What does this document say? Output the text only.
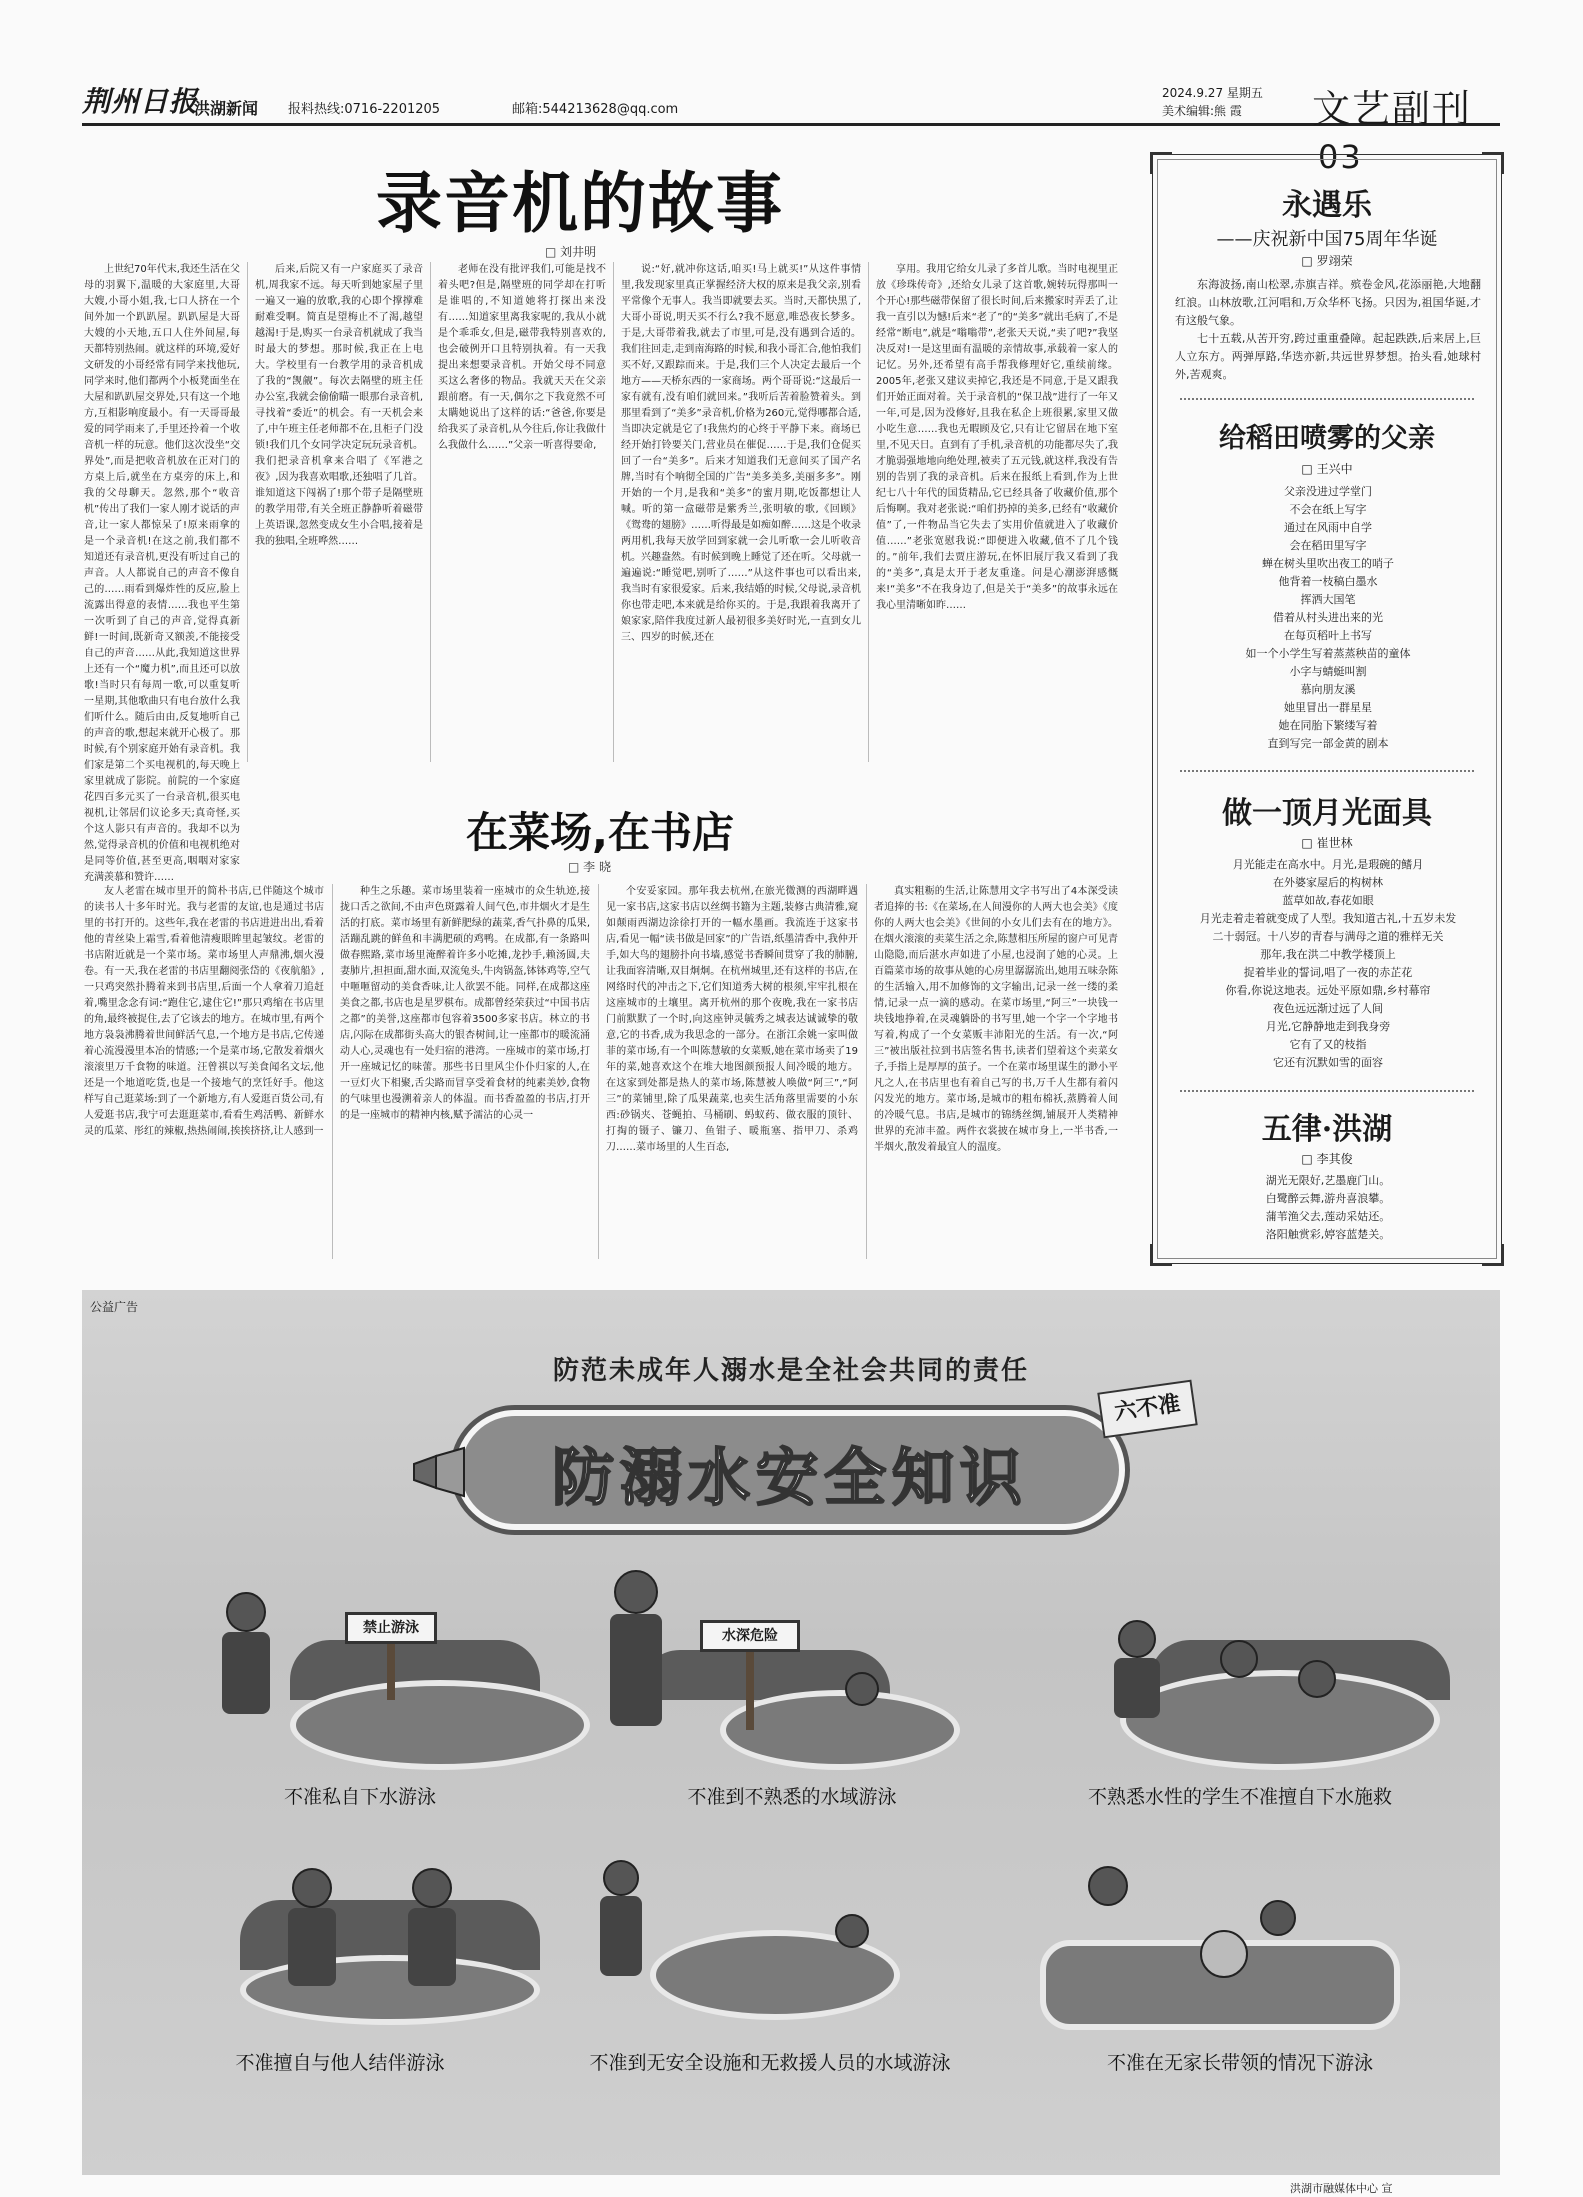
荆州日报
洪湖新闻 报料热线:0716-2201205	邮箱:544213628@qq.com
2024.9.27 星期五
美术编辑:熊 霞	文艺副刊03
录音机的故事
□ 刘井明
上世纪70年代末,我还生活在父母的羽翼下,温暖的大家庭里,大哥大嫂,小哥小姐,我,七口人挤在一个间外加一个趴趴屋。趴趴屋是大哥大嫂的小天地,五口人住外间屋,每天都特别热闹。就这样的环境,爱好文研发的小哥经常有同学来找他玩,同学来时,他们都两个小板凳面坐在大屋和趴趴屋交界处,只有这一个地方,互相影响度最小。有一天哥哥最爱的同学雨来了,手里还拎着一个收音机一样的玩意。他们这次没坐“交界处”,而是把收音机放在正对门的方桌上后,就坐在方桌旁的床上,和我的父母聊天。忽然,那个“收音机”传出了我们一家人刚才说话的声音,让一家人都惊呆了!原来雨拿的是一个录音机!在这之前,我们都不知道还有录音机,更没有听过自己的声音。人人都说自己的声音不像自己的……雨看到爆炸性的反应,脸上流露出得意的表情……我也平生第一次听到了自己的声音,觉得真新鲜!一时间,既新奇又额羡,不能接受自己的声音……从此,我知道这世界上还有一个“魔力机”,而且还可以放歌!当时只有每周一歌,可以重复听一星期,其他歌曲只有电台放什么我们听什么。随后由由,反复地听自己的声音的歌,想起来就开心极了。那时候,有个别家庭开始有录音机。我们家是第二个买电视机的,每天晚上家里就成了影院。前院的一个家庭花四百多元买了一台录音机,很买电视机,让邻居们议论多天;真奇怪,买个这人影只有声音的。我却不以为然,觉得录音机的价值和电视机绝对是同等价值,甚至更高,咽咽对家家充满羡慕和赞许……
后来,后院又有一户家庭买了录音机,周我家不远。每天听到她家屋子里一遍又一遍的放歌,我的心即个撑撑难耐难受啊。简直是望梅止不了渴,越望越渴!于是,购买一台录音机就成了我当时最大的梦想。那时候,我正在上电大。学校里有一台教学用的录音机成了我的“觊觎”。每次去隔壁的班主任办公室,我就会偷偷瞄一眼那台录音机,寻找着“委近”的机会。有一天机会来了,中午班主任老师都不在,且柜子门没锁!我们几个女同学决定玩玩录音机。我们把录音机拿来合唱了《军港之夜》,因为我喜欢唱歌,还独唱了几首。谁知道这下闯祸了!那个带子是隔壁班的教学用带,有关全班正静静听着磁带上英语课,忽然变成女生小合唱,接着是我的独唱,全班哗然……
老师在没有批评我们,可能是找不着头吧?但是,隔壁班的同学却在打听是谁唱的,不知道她将打探出来没有……知道家里离我家呢的,我从小就是个乖乖女,但是,磁带我特别喜欢的,也会破例开口且特别执着。有一天我提出来想要录音机。开始父母不同意买这么奢侈的物品。我就天天在父亲跟前磨。有一天,偶尔之下我竟然不可太瞒她说出了这样的话:“爸爸,你要是给我买了录音机,从今往后,你让我做什么我做什么……”父亲一听喜得要命,
说:“好,就冲你这话,咱买!马上就买!”从这件事情里,我发现家里真正掌握经济大权的原来是我父亲,别看平常像个无事人。我当即就要去买。当时,天都快黑了,大哥小哥说,明天买不行么?我不愿意,唯恐夜长梦多。于是,大哥带着我,就去了市里,可是,没有遇到合适的。我们往回走,走到南海路的时候,和我小哥汇合,他怕我们买不好,又跟踪而来。于是,我们三个人决定去最后一个地方——天桥东西的一家商场。两个哥哥说:“这最后一家有就有,没有咱们就回来。”我听后苦着脸赞着头。到那里看到了“美多”录音机,价格为260元,觉得哪都合适,当即决定就是它了!我焦灼的心终于平静下来。商场已经开始打铃要关门,营业员在催促……于是,我们仓促买回了一台“美多”。后来才知道我们无意间买了国产名牌,当时有个响彻全国的广告“美多美多,美丽多多”。刚开始的一个月,是我和“美多”的蜜月期,吃饭都想让人喊。听的第一盒磁带是紫秀兰,张明敏的歌,《回顾》《鸳鸯的翅膀》……听得最是如痴如醉……这是个收录两用机,我每天放学回到家就一会儿听歌一会儿听收音机。兴趣盎然。有时候到晚上睡觉了还在听。父母就一遍遍说:“睡觉吧,别听了……”从这件事也可以看出来,我当时有家很爱家。后来,我结婚的时候,父母说,录音机你也带走吧,本来就是给你买的。于是,我跟着我离开了娘家家,陪伴我度过新人最初很多美好时光,一直到女儿三、四岁的时候,还在
享用。我用它给女儿录了多首儿歌。当时电视里正放《珍珠传奇》,还给女儿录了这首歌,婉转玩得那叫一个开心!那些磁带保留了很长时间,后来搬家时弄丢了,让我一直引以为憾!后来“老了”的“美多”就出毛病了,不是经常“断电”,就是“嗡嗡带”,老张天天说,“卖了吧?”我坚决反对!一是这里面有温暖的亲情故事,承载着一家人的记忆。另外,还希望有高手帮我修理好它,重续前缘。2005年,老张又建议卖掉它,我还是不同意,于是又跟我们开始正面对着。关于录音机的“保卫战”进行了一年又一年,可是,因为没修好,且我在私企上班很累,家里又做小吃生意……我也无暇顾及它,只有让它留居在地下室里,不见天日。直到有了手机,录音机的功能都尽失了,我才脆弱强地地向绝处理,被卖了五元钱,就这样,我没有告别的告别了我的录音机。后来在报纸上看到,作为上世纪七八十年代的国货精品,它已经具备了收藏价值,那个后悔啊。我对老张说:“咱们扔掉的美多,已经有“收藏价值”了,一件物品当它失去了实用价值就进入了收藏价值……”老张宽慰我说:“即便进入收藏,值不了几个钱的。”前年,我们去贾庄游玩,在怀旧展厅我又看到了我的“美多”,真是太开于老友重逢。问是心潮澎湃感慨来!“美多”不在我身边了,但是关于“美多”的故事永远在我心里清晰如昨……
在菜场,在书店
□ 李 晓
友人老雷在城市里开的简朴书店,已伴随这个城市的读书人十多年时光。我与老雷的友谊,也是通过书店里的书打开的。这些年,我在老雷的书店进进出出,看着他的青丝染上霜雪,看着他清瘦眼眸里起皱纹。老雷的书店附近就是一个菜市场。菜市场里人声鼎沸,烟火漫卷。有一天,我在老雷的书店里翻阅张岱的《夜航船》,一只鸡突然扑腾着来到书店里,后面一个人拿着刀追赶着,嘴里念念有词:“跑住它,逮住它!”那只鸡缩在书店里的角,最终被捉住,去了它该去的地方。在城市里,有两个地方袅袅沸腾着世间鲜活气息,一个地方是书店,它传递着心流漫漫里本冶的情感;一个是菜市场,它散发着烟火滚滚里万千食物的味道。汪曾祺以写美食闻名文坛,他还是一个地道吃货,也是一个接地气的烹饪好手。他这样写自己逛菜场:到了一个新地方,有人爱逛百货公司,有人爱逛书店,我宁可去逛逛菜市,看看生鸡活鸭、新鲜水灵的瓜菜、彤红的辣椒,热热闹闹,挨挨挤挤,让人感到一
种生之乐趣。菜市场里装着一座城市的众生轨迹,接拢口舌之欲间,不由声色斑露着人间气色,市井烟火才是生活的打底。菜市场里有新鲜肥绿的蔬菜,香气扑鼻的瓜果,活蹦乱跳的鲜鱼和丰满肥硕的鸡鸭。在成都,有一条路叫做春熙路,菜市场里淹醉着许多小吃摊,龙抄手,赖汤圆,夫妻肺片,担担面,甜水面,双流兔头,牛肉锅盔,钵钵鸡等,空气中咂咂留动的美食香味,让人欲罢不能。同样,在成都这座美食之都,书店也是星罗棋布。成都曾经荣获过“中国书店之都”的美誉,这座都市包容着3500多家书店。林立的书店,闪际在成都街头高大的银杏树间,让一座都市的暖流涌动人心,灵魂也有一处归宿的港湾。一座城市的菜市场,打开一座城记忆的味蕾。那些书日里风尘仆仆归家的人,在一豆灯火下相聚,舌尖路而冒享受着食材的纯素美妙,食物的气味里也漫溯着亲人的体温。而书香盈盈的书店,打开的是一座城市的精神内核,赋予濡沾的心灵一
个安妥家园。那年我去杭州,在旅光微测的西湖畔遇见一家书店,这家书店以丝绸书籍为主题,装修古典清雅,窥如颠雨西湖边涂徐打开的一幅水墨画。我流连于这家书店,看见一幅“读书做是回家”的广告语,纸墨清香中,我仲开手,如大鸟的翅膀扑向书墙,感觉书香瞬间贯穿了我的肺腑,让我面容清晰,双目炯炯。在杭州城里,还有这样的书店,在网络时代的冲击之下,它们知道秀大树的根须,牢牢扎根在这座城市的土壤里。离开杭州的那个夜晚,我在一家书店门前默默了一个时,向这座钟灵毓秀之城表达诚诚挚的敬意,它的书香,成为我思念的一部分。在浙江余姚一家叫做菲的菜市场,有一个叫陈慧敏的女菜贩,她在菜市场卖了19年的菜,她喜欢这个在堆大地图颜预报人间冷暖的地方。在这家到处都是热人的菜市场,陈慧被人唤做“阿三”,“阿三”的菜铺里,除了瓜果蔬菜,也卖生活角落里需要的小东西:砂锅夹、苍蝇拍、马桶刷、蚂蚁药、做衣服的顶针、打掏的镊子、镰刀、鱼钳子、暖瓶塞、指甲刀、杀鸡刀……菜市场里的人生百态,
真实粗粝的生活,让陈慧用文字书写出了4本深受读者追捧的书:《在菜场,在人间漫你的人两大也会美》《度你的人两大也会美》《世间的小女儿们去有在的地方》。在烟火滚滚的卖菜生活之余,陈慧相压所屋的窗户可见青山隐隐,而后湛水声如进了小屋,也浸润了她的心灵。上百篇菜市场的故事从她的心房里潺潺流出,她用五味杂陈的生活输入,用不加修饰的文字输出,记录一丝一缕的柔情,记录一点一滴的感动。在菜市场里,“阿三”一块钱一块钱地挣着,在灵魂躺卧的书写里,她一个字一个字地书写着,构成了一个女菜贩丰沛阳光的生活。有一次,“阿三”被出版社拉到书店签名售书,读者们望着这个卖菜女子,手指上是厚厚的茧子。一个在菜市场里谋生的渺小平凡之人,在书店里也有着自己写的书,万千人生都有着闪闪发光的地方。菜市场,是城市的粗布棉袄,蒸腾着人间的冷暖气息。书店,是城市的锦绣丝绸,铺展开人类精神世界的充沛丰盈。两件衣裳披在城市身上,一半书香,一半烟火,散发着最宜人的温度。
永遇乐
——庆祝新中国75周年华诞
□ 罗翊荣

东海波扬,南山松翠,赤旗吉祥。殡卷金风,花添丽艳,大地翻红浪。山林放歌,江河唱和,万众华杯飞扬。只因为,祖国华诞,才有这般气象。

七十五载,从苦开穷,跨过重重叠障。起起跌跌,后来居上,巨人立东方。两弹厚路,华迭亦新,共远世界梦想。抬头看,她球村外,苦观爽。

给稻田喷雾的父亲
□ 王兴中
父亲没进过学堂门
不会在纸上写字
通过在风雨中自学
会在稻田里写字
蝉在树头里吹出夜工的哨子
他背着一枝稿白墨水
挥洒大国笔
借着从村头进出来的光
在每页稻叶上书写
如一个小学生写着蒸蒸秧苗的童体
小字与蜻蜓叫割
慕向朋友溪
她里冒出一群星星
她在同胎下繁缕写着
直到写完一部金黄的剧本
做一顶月光面具
□ 崔世林
月光能走在高水中。月光,是瑕碗的鳍月
在外婆家屋后的构树林
蓝草如故,春花如眼
月光走着走着就变成了人型。我知道古礼,十五岁未发
二十弱冠。十八岁的青春与满母之道的雅样无关
那年,我在洪二中教学楼顶上
捉着毕业的誓词,唱了一夜的赤芷花
你看,你说这地表。远处平原如鼎,乡村幕帘
夜色远远渐过远了人间
月光,它静静地走到我身旁
它有了又的枝指
它还有沉默如雪的面容
五律·洪湖
□ 李其俊
湖光无限好,艺墨鹿门山。
白鹭醉云舞,游舟喜浪攀。
蒲苇渔父去,莲动采姑还。
洛阳触赏彩,婷容蓝楚关。
公益广告
防范未成年人溺水是全社会共同的责任
防溺水安全知识
六不准
禁止游泳
不准私自下水游泳
水深危险
不准到不熟悉的水域游泳	不熟悉水性的学生不准擅自下水施救
不准擅自与他人结伴游泳	不准到无安全设施和无救援人员的水域游泳	不准在无家长带领的情况下游泳
洪湖市融媒体中心 宣
